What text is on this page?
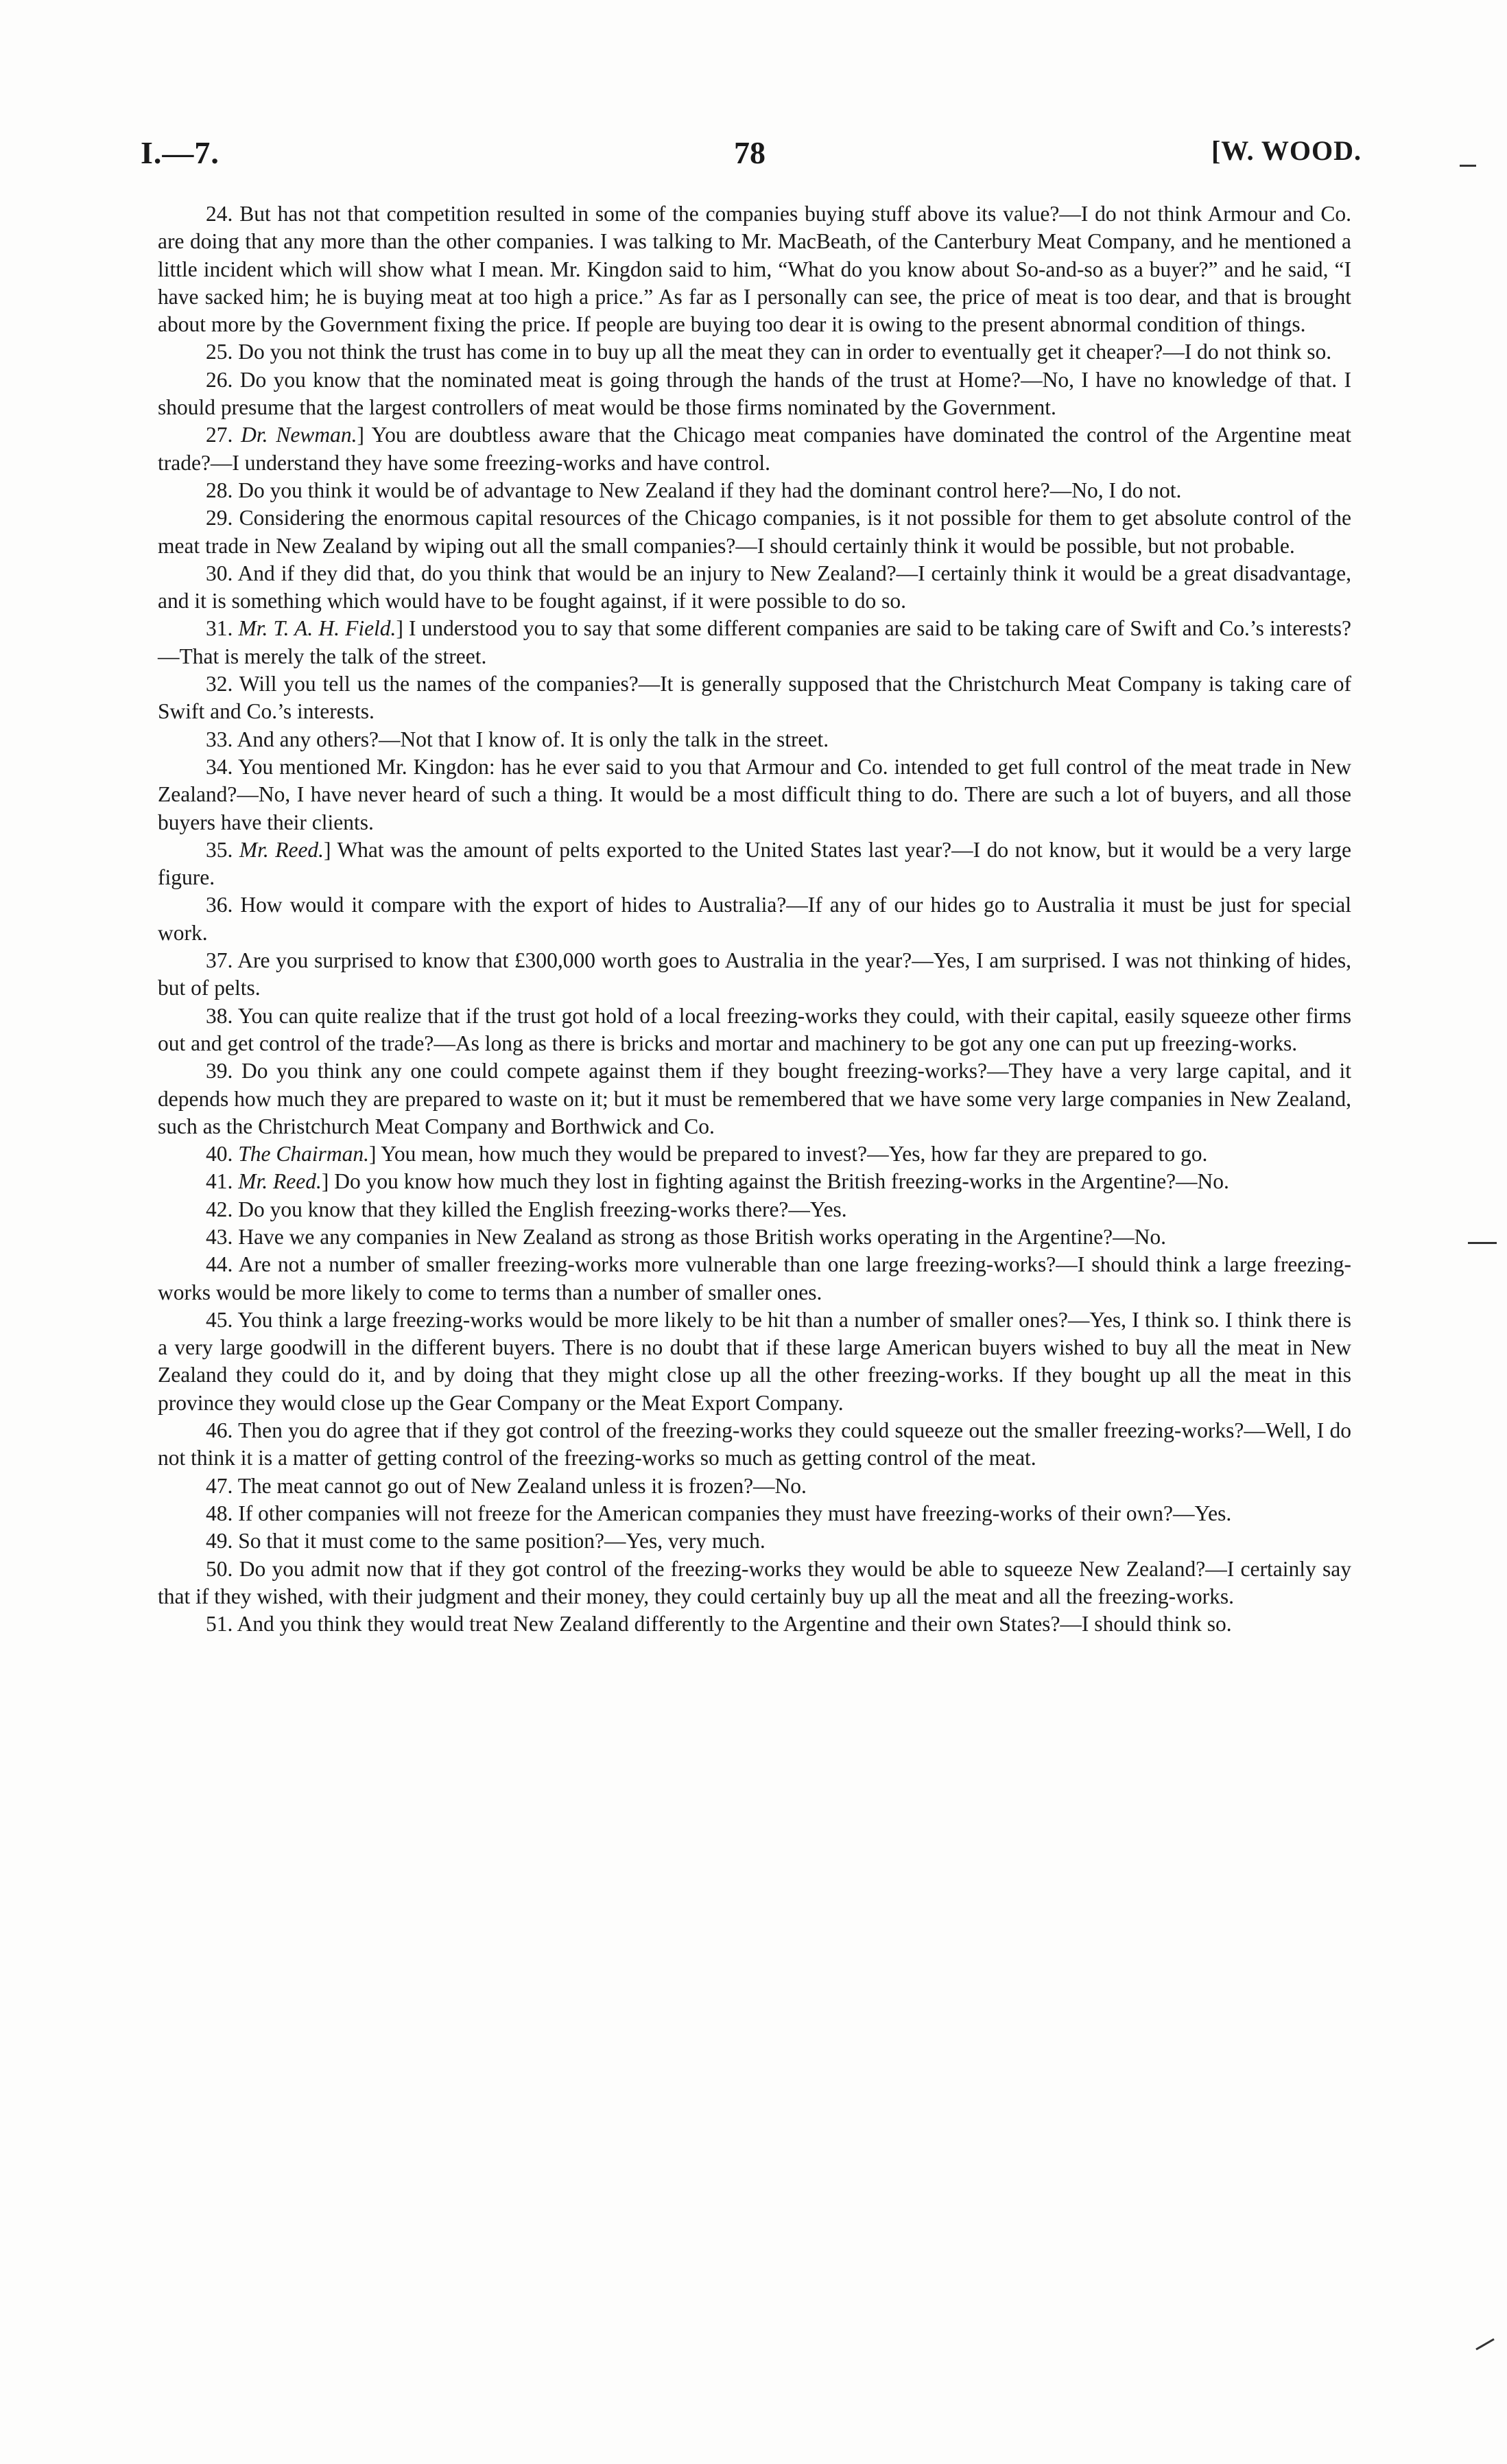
I.—7.	78	[W. WOOD.

24. But has not that competition resulted in some of the companies buying stuff above its value?—I do not think Armour and Co. are doing that any more than the other companies. I was talking to Mr. MacBeath, of the Canterbury Meat Company, and he mentioned a little incident which will show what I mean. Mr. Kingdon said to him, “What do you know about So-and-so as a buyer?” and he said, “I have sacked him; he is buying meat at too high a price.” As far as I personally can see, the price of meat is too dear, and that is brought about more by the Government fixing the price. If people are buying too dear it is owing to the present abnormal condition of things.

25. Do you not think the trust has come in to buy up all the meat they can in order to eventually get it cheaper?—I do not think so.

26. Do you know that the nominated meat is going through the hands of the trust at Home?—No, I have no knowledge of that. I should presume that the largest controllers of meat would be those firms nominated by the Government.

27. Dr. Newman.] You are doubtless aware that the Chicago meat companies have dominated the control of the Argentine meat trade?—I understand they have some freezing-works and have control.

28. Do you think it would be of advantage to New Zealand if they had the dominant control here?—No, I do not.

29. Considering the enormous capital resources of the Chicago companies, is it not possible for them to get absolute control of the meat trade in New Zealand by wiping out all the small companies?—I should certainly think it would be possible, but not probable.

30. And if they did that, do you think that would be an injury to New Zealand?—I certainly think it would be a great disadvantage, and it is something which would have to be fought against, if it were possible to do so.

31. Mr. T. A. H. Field.] I understood you to say that some different companies are said to be taking care of Swift and Co.’s interests?—That is merely the talk of the street.

32. Will you tell us the names of the companies?—It is generally supposed that the Christchurch Meat Company is taking care of Swift and Co.’s interests.

33. And any others?—Not that I know of. It is only the talk in the street.

34. You mentioned Mr. Kingdon: has he ever said to you that Armour and Co. intended to get full control of the meat trade in New Zealand?—No, I have never heard of such a thing. It would be a most difficult thing to do. There are such a lot of buyers, and all those buyers have their clients.

35. Mr. Reed.] What was the amount of pelts exported to the United States last year?—I do not know, but it would be a very large figure.

36. How would it compare with the export of hides to Australia?—If any of our hides go to Australia it must be just for special work.

37. Are you surprised to know that £300,000 worth goes to Australia in the year?—Yes, I am surprised. I was not thinking of hides, but of pelts.

38. You can quite realize that if the trust got hold of a local freezing-works they could, with their capital, easily squeeze other firms out and get control of the trade?—As long as there is bricks and mortar and machinery to be got any one can put up freezing-works.

39. Do you think any one could compete against them if they bought freezing-works?—They have a very large capital, and it depends how much they are prepared to waste on it; but it must be remembered that we have some very large companies in New Zealand, such as the Christchurch Meat Company and Borthwick and Co.

40. The Chairman.] You mean, how much they would be prepared to invest?—Yes, how far they are prepared to go.

41. Mr. Reed.] Do you know how much they lost in fighting against the British freezing-works in the Argentine?—No.

42. Do you know that they killed the English freezing-works there?—Yes.

43. Have we any companies in New Zealand as strong as those British works operating in the Argentine?—No.

44. Are not a number of smaller freezing-works more vulnerable than one large freezing-works?—I should think a large freezing-works would be more likely to come to terms than a number of smaller ones.

45. You think a large freezing-works would be more likely to be hit than a number of smaller ones?—Yes, I think so. I think there is a very large goodwill in the different buyers. There is no doubt that if these large American buyers wished to buy all the meat in New Zealand they could do it, and by doing that they might close up all the other freezing-works. If they bought up all the meat in this province they would close up the Gear Company or the Meat Export Company.

46. Then you do agree that if they got control of the freezing-works they could squeeze out the smaller freezing-works?—Well, I do not think it is a matter of getting control of the freezing-works so much as getting control of the meat.

47. The meat cannot go out of New Zealand unless it is frozen?—No.

48. If other companies will not freeze for the American companies they must have freezing-works of their own?—Yes.

49. So that it must come to the same position?—Yes, very much.

50. Do you admit now that if they got control of the freezing-works they would be able to squeeze New Zealand?—I certainly say that if they wished, with their judgment and their money, they could certainly buy up all the meat and all the freezing-works.

51. And you think they would treat New Zealand differently to the Argentine and their own States?—I should think so.
